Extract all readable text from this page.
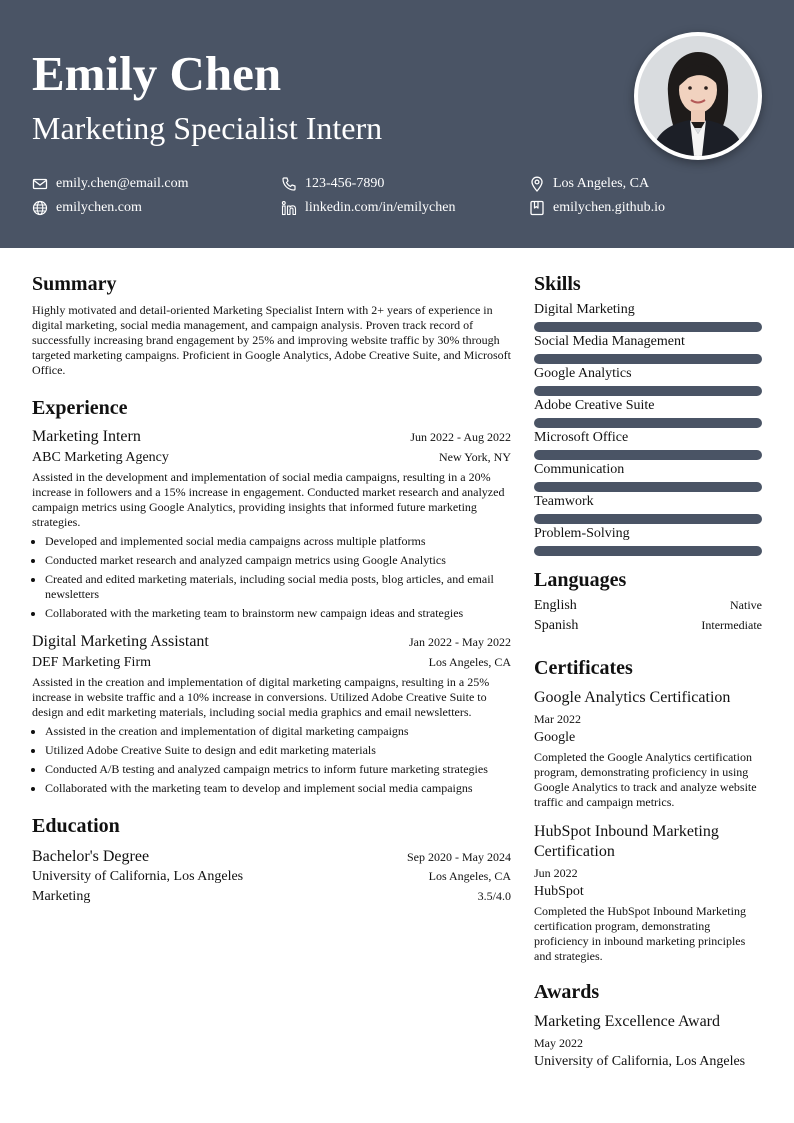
Emily Chen
Marketing Specialist Intern
emily.chen@email.com	123-456-7890	Los Angeles, CA
emilychen.com	linkedin.com/in/emilychen	emilychen.github.io
Summary
Highly motivated and detail-oriented Marketing Specialist Intern with 2+ years of experience in digital marketing, social media management, and campaign analysis. Proven track record of successfully increasing brand engagement by 25% and improving website traffic by 30% through targeted marketing campaigns. Proficient in Google Analytics, Adobe Creative Suite, and Microsoft Office.
Experience
Marketing Intern	Jun 2022 - Aug 2022
ABC Marketing Agency	New York, NY
Assisted in the development and implementation of social media campaigns, resulting in a 20% increase in followers and a 15% increase in engagement. Conducted market research and analyzed campaign metrics using Google Analytics, providing insights that informed future marketing strategies.
• Developed and implemented social media campaigns across multiple platforms
• Conducted market research and analyzed campaign metrics using Google Analytics
• Created and edited marketing materials, including social media posts, blog articles, and email newsletters
• Collaborated with the marketing team to brainstorm new campaign ideas and strategies
Digital Marketing Assistant	Jan 2022 - May 2022
DEF Marketing Firm	Los Angeles, CA
Assisted in the creation and implementation of digital marketing campaigns, resulting in a 25% increase in website traffic and a 10% increase in conversions. Utilized Adobe Creative Suite to design and edit marketing materials, including social media graphics and email newsletters.
• Assisted in the creation and implementation of digital marketing campaigns
• Utilized Adobe Creative Suite to design and edit marketing materials
• Conducted A/B testing and analyzed campaign metrics to inform future marketing strategies
• Collaborated with the marketing team to develop and implement social media campaigns
Education
Bachelor's Degree	Sep 2020 - May 2024
University of California, Los Angeles	Los Angeles, CA
Marketing	3.5/4.0
Skills
Digital Marketing
Social Media Management
Google Analytics
Adobe Creative Suite
Microsoft Office
Communication
Teamwork
Problem-Solving
Languages
English	Native
Spanish	Intermediate
Certificates
Google Analytics Certification
Mar 2022
Google
Completed the Google Analytics certification program, demonstrating proficiency in using Google Analytics to track and analyze website traffic and campaign metrics.
HubSpot Inbound Marketing Certification
Jun 2022
HubSpot
Completed the HubSpot Inbound Marketing certification program, demonstrating proficiency in inbound marketing principles and strategies.
Awards
Marketing Excellence Award
May 2022
University of California, Los Angeles
